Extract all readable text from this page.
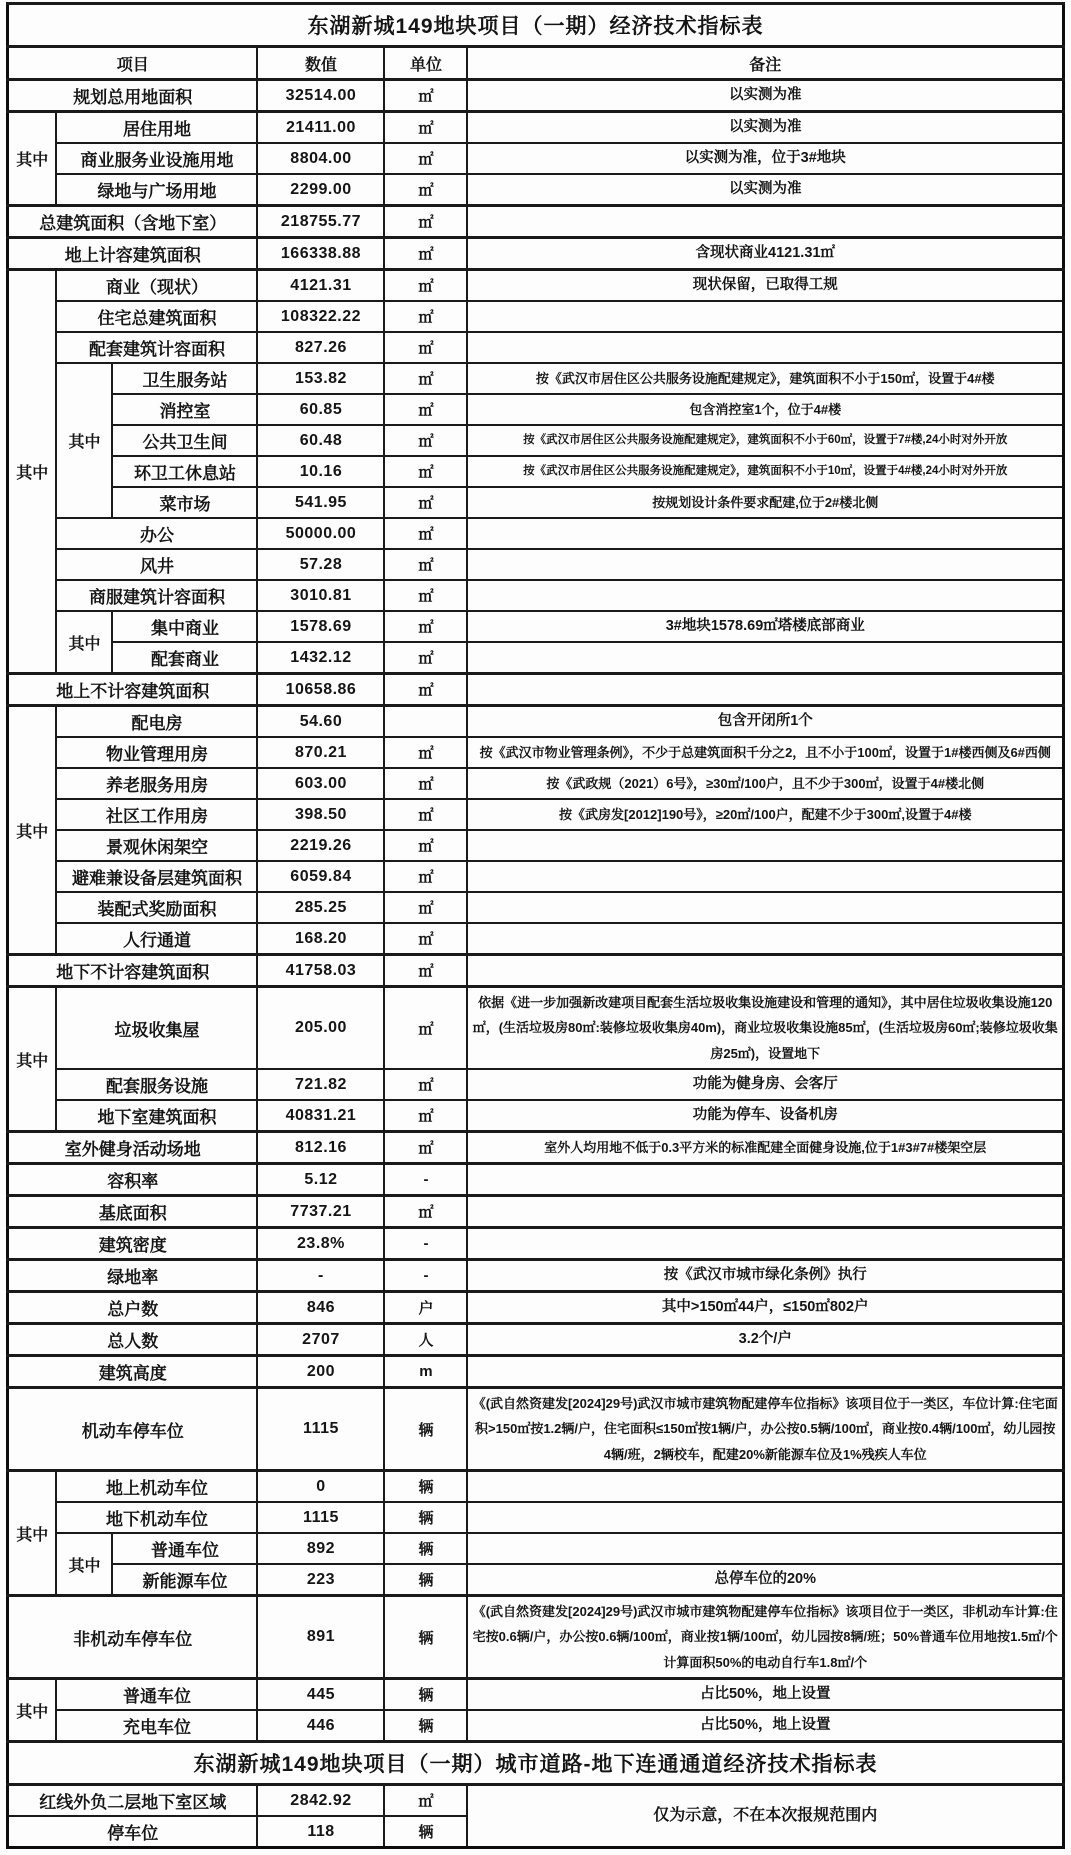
东湖新城149地块项目（一期）经济技术指标表					
项目			数值	单位	备注
规划总用地面积			32514.00	㎡	以实测为准
其中	居住用地		21411.00	㎡	以实测为准
	商业服务业设施用地		8804.00	㎡	以实测为准，位于3#地块
	绿地与广场用地		2299.00	㎡	以实测为准
总建筑面积（含地下室）			218755.77	㎡	
地上计容建筑面积			166338.88	㎡	含现状商业4121.31㎡
其中	商业（现状）		4121.31	㎡	现状保留，已取得工规
	住宅总建筑面积		108322.22	㎡	
	配套建筑计容面积		827.26	㎡	
	其中	卫生服务站	153.82	㎡	按《武汉市居住区公共服务设施配建规定》，建筑面积不小于150㎡，设置于4#楼
		消控室	60.85	㎡	包含消控室1个，位于4#楼
		公共卫生间	60.48	㎡	按《武汉市居住区公共服务设施配建规定》，建筑面积不小于60㎡，设置于7#楼,24小时对外开放
		环卫工休息站	10.16	㎡	按《武汉市居住区公共服务设施配建规定》，建筑面积不小于10㎡，设置于4#楼,24小时对外开放
		菜市场	541.95	㎡	按规划设计条件要求配建,位于2#楼北侧
	办公		50000.00	㎡	
	风井		57.28	㎡	
	商服建筑计容面积		3010.81	㎡	
	其中	集中商业	1578.69	㎡	3#地块1578.69㎡塔楼底部商业
		配套商业	1432.12	㎡	
地上不计容建筑面积			10658.86	㎡	
其中	配电房		54.60		包含开闭所1个
	物业管理用房		870.21	㎡	按《武汉市物业管理条例》，不少于总建筑面积千分之2，且不小于100㎡，设置于1#楼西侧及6#西侧
	养老服务用房		603.00	㎡	按《武政规（2021）6号》，≥30㎡/100户，且不少于300㎡，设置于4#楼北侧
	社区工作用房		398.50	㎡	按《武房发[2012]190号》，≥20㎡/100户，配建不少于300㎡,设置于4#楼
	景观休闲架空		2219.26	㎡	
	避难兼设备层建筑面积		6059.84	㎡	
	装配式奖励面积		285.25	㎡	
	人行通道		168.20	㎡	
地下不计容建筑面积			41758.03	㎡	
其中	垃圾收集屋		205.00	㎡	依据《进一步加强新改建项目配套生活垃圾收集设施建设和管理的通知》，其中居住垃圾收集设施120㎡，(生活垃圾房80㎡:装修垃圾收集房40m)，商业垃圾收集设施85㎡，(生活垃圾房60㎡;装修垃圾收集房25㎡)，设置地下
	配套服务设施		721.82	㎡	功能为健身房、会客厅
	地下室建筑面积		40831.21	㎡	功能为停车、设备机房
室外健身活动场地			812.16	㎡	室外人均用地不低于0.3平方米的标准配建全面健身设施,位于1#3#7#楼架空层
容积率			5.12	-	
基底面积			7737.21	㎡	
建筑密度			23.8%	-	
绿地率			-	-	按《武汉市城市绿化条例》执行
总户数			846	户	其中>150㎡44户，≤150㎡802户
总人数			2707	人	3.2个/户
建筑高度			200	m	
机动车停车位			1115	辆	《(武自然资建发[2024]29号)武汉市城市建筑物配建停车位指标》该项目位于一类区，车位计算:住宅面积>150㎡按1.2辆/户，住宅面积≤150㎡按1辆/户，办公按0.5辆/100㎡，商业按0.4辆/100㎡，幼儿园按4辆/班，2辆校车，配建20%新能源车位及1%残疾人车位
其中	地上机动车位		0	辆	
	地下机动车位		1115	辆	
	其中	普通车位	892	辆	
		新能源车位	223	辆	总停车位的20%
非机动车停车位			891	辆	《(武自然资建发[2024]29号)武汉市城市建筑物配建停车位指标》该项目位于一类区，非机动车计算:住宅按0.6辆/户，办公按0.6辆/100㎡，商业按1辆/100㎡，幼儿园按8辆/班；50%普通车位用地按1.5㎡/个计算面积50%的电动自行车1.8㎡/个
其中	普通车位		445	辆	占比50%，地上设置
	充电车位		446	辆	占比50%，地上设置
东湖新城149地块项目（一期）城市道路-地下连通通道经济技术指标表					
红线外负二层地下室区域			2842.92	㎡	仅为示意，不在本次报规范围内
停车位			118	辆	
